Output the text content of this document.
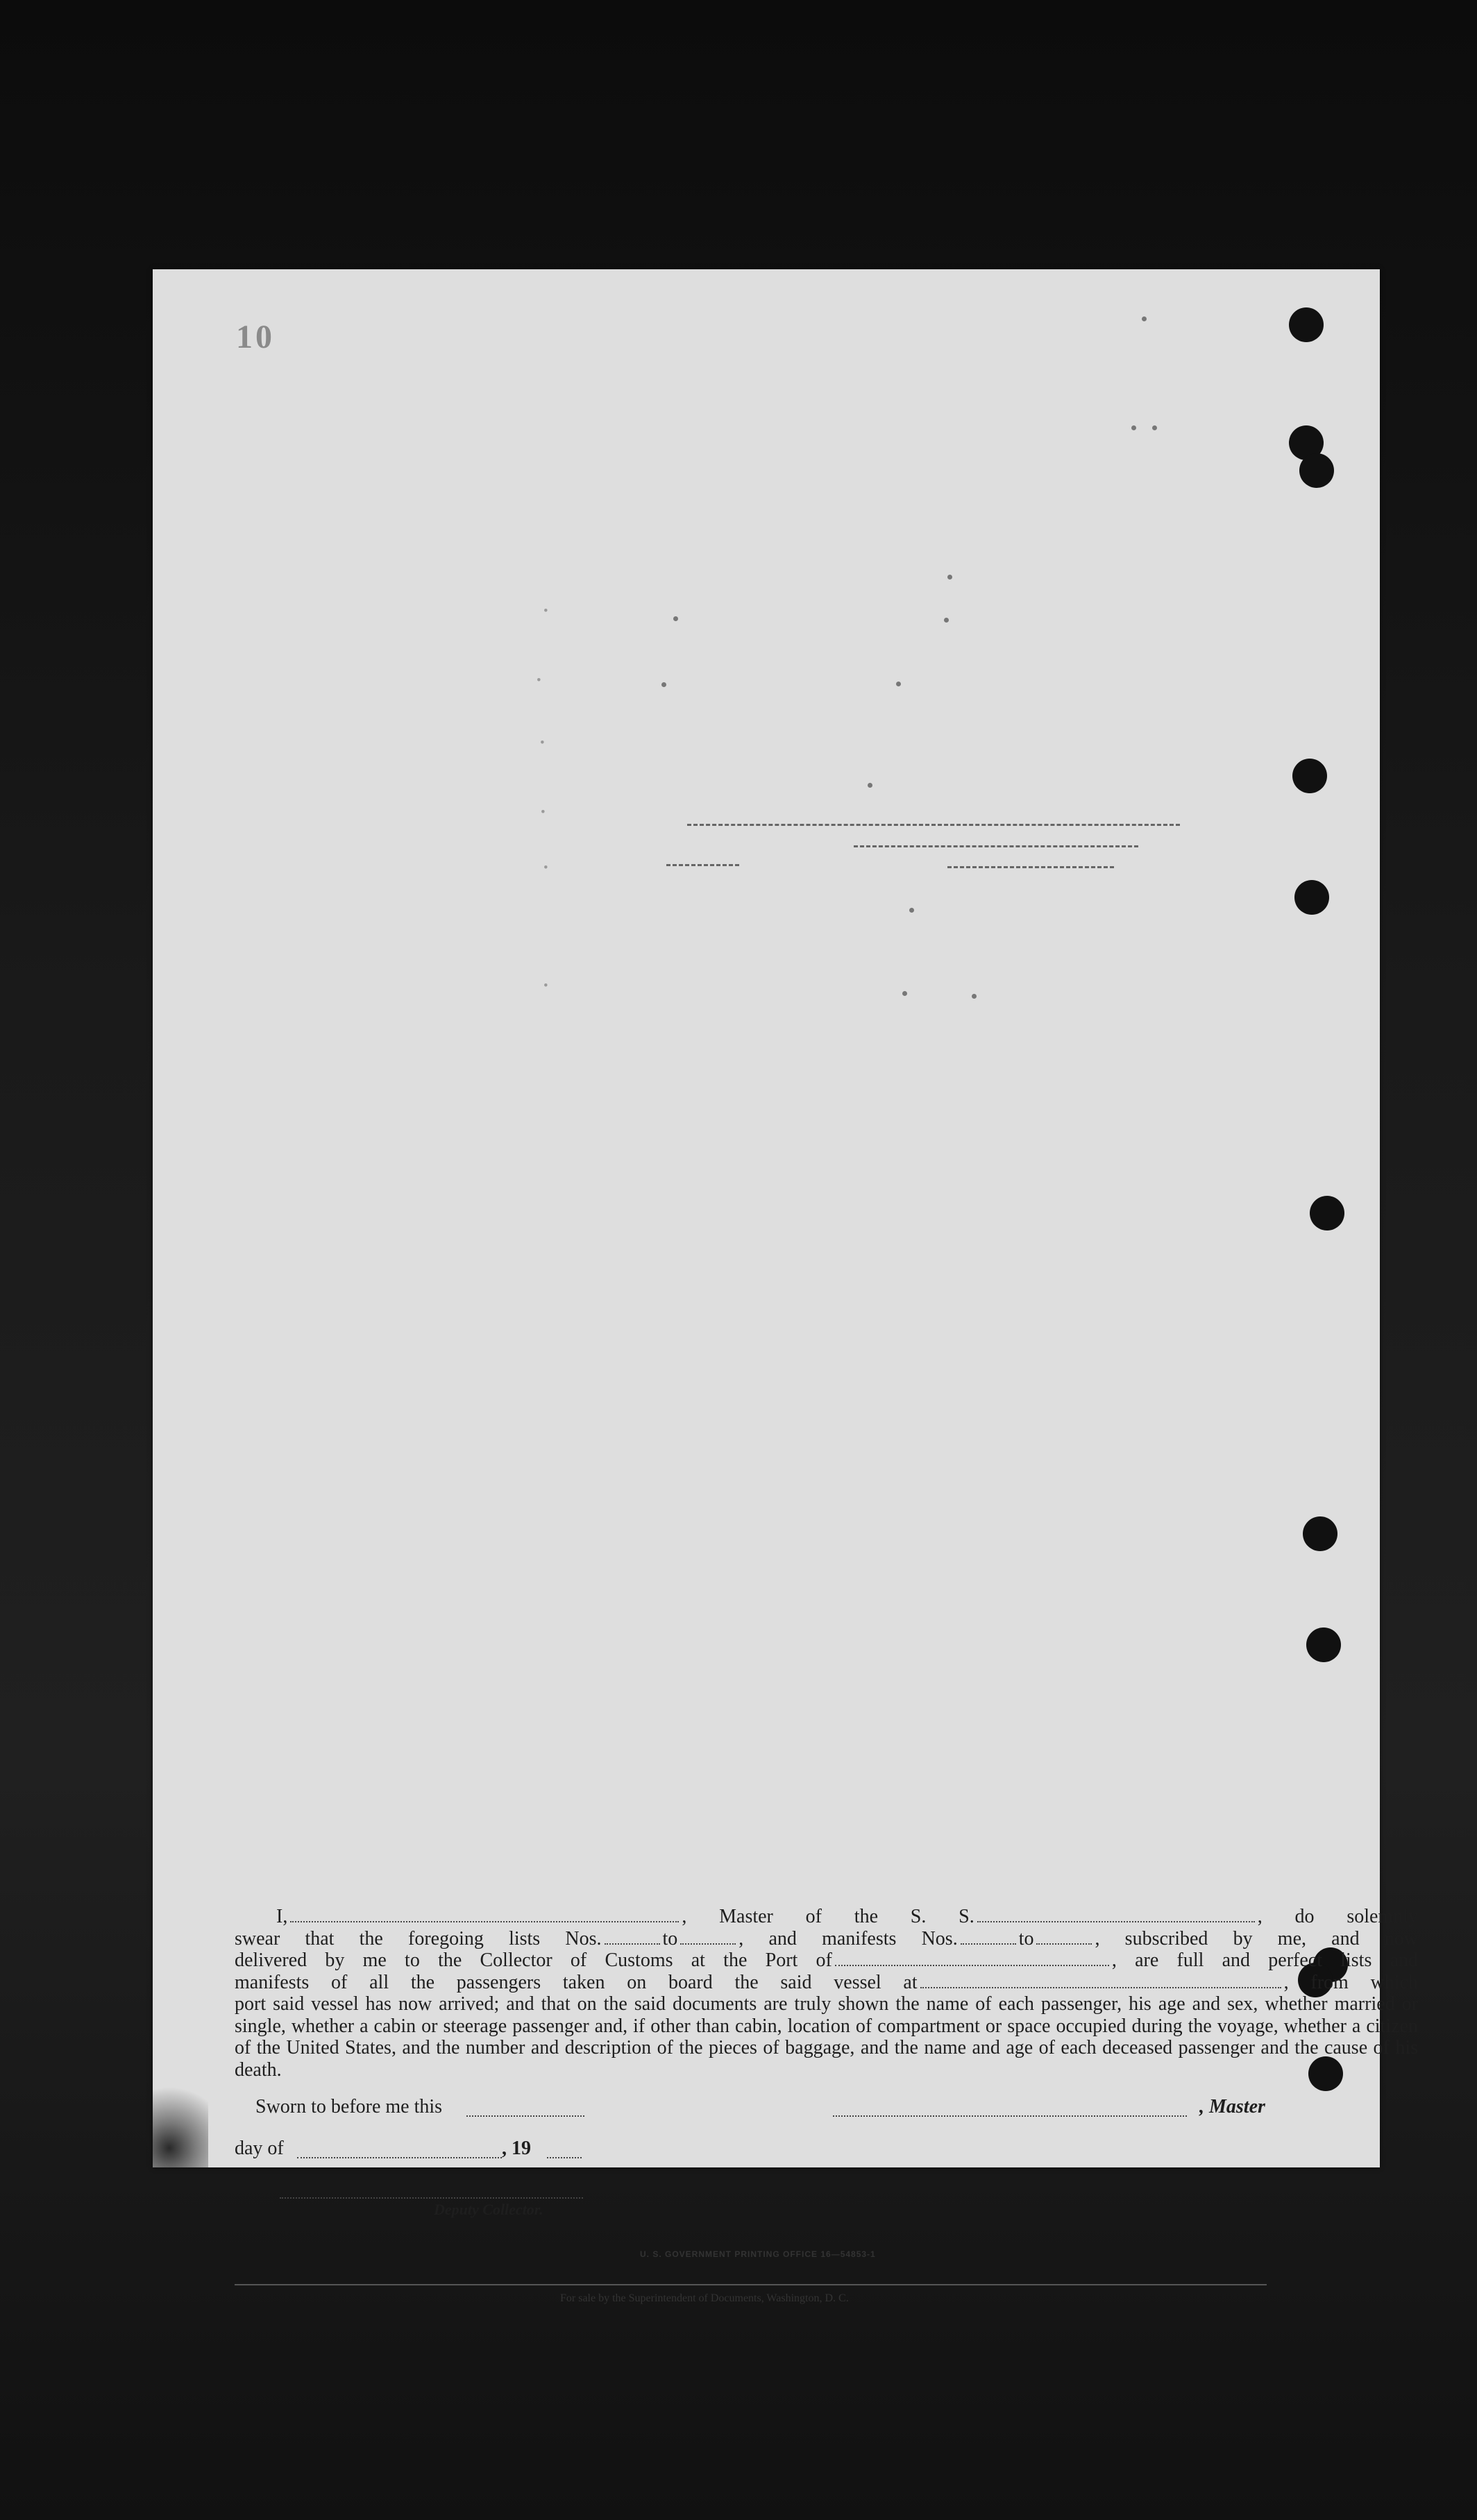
10
·
·
·
·
·
·
I,	, Master of the S. S.	, do solemnly
swear that the foregoing lists Nos.	to	, and manifests Nos.	to	, subscribed by me, and now
delivered by me to the Collector of Customs at the Port of	, are full and perfect lists and
manifests of all the passengers taken on board the said vessel at	, from which
port said vessel has now arrived; and that on the said documents are truly shown the name of each passenger, his age and sex, whether married or single, whether a cabin or steerage passenger and, if other than cabin, location of compartment or space occupied during the voyage, whether a citizen of the United States, and the number and description of the pieces of baggage, and the name and age of each deceased passenger and the cause of his death.
Sworn to before me this	, Master
day of	, 19
Deputy Collector.
U. S. GOVERNMENT PRINTING OFFICE 16—54853-1
For sale by the Superintendent of Documents, Washington, D. C.
